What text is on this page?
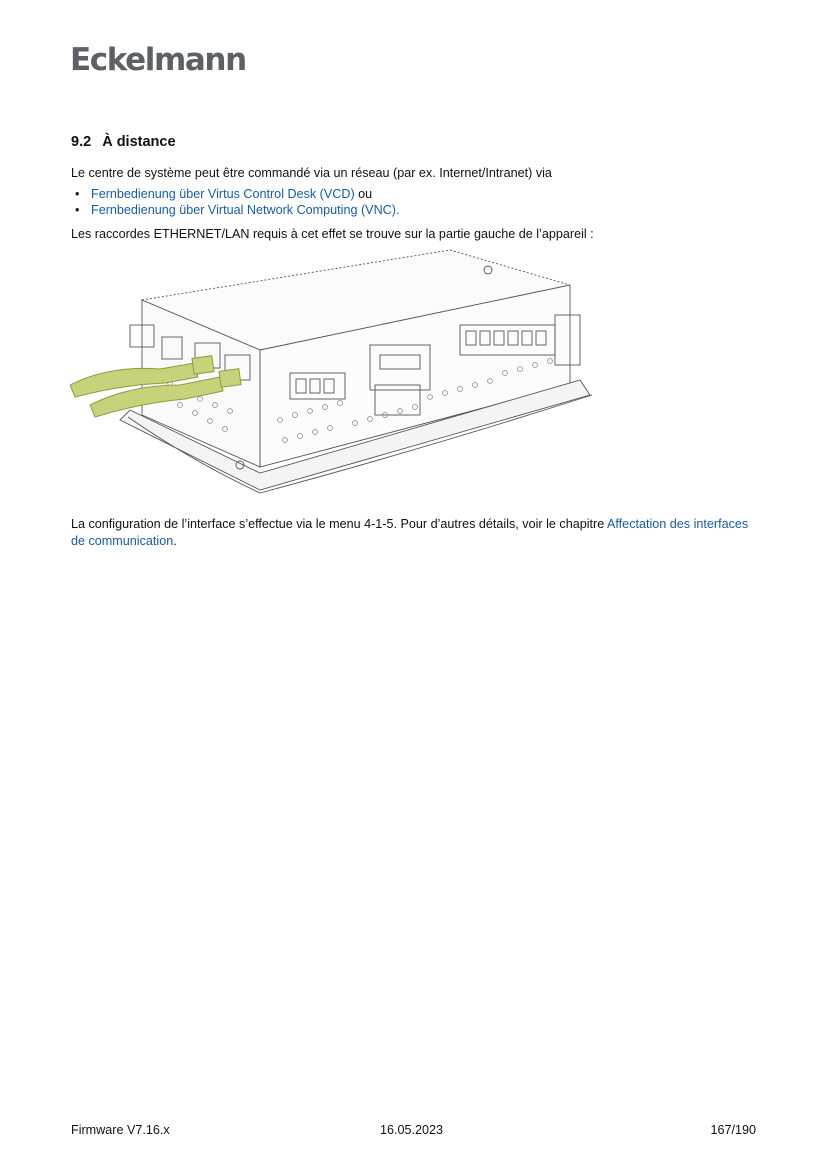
Eckelmann
9.2 À distance
Le centre de système peut être commandé via un réseau (par ex. Internet/Intranet) via
• Fernbedienung über Virtus Control Desk (VCD) ou
• Fernbedienung über Virtual Network Computing (VNC).
Les raccordes ETHERNET/LAN requis à cet effet se trouve sur la partie gauche de l’appareil :
La configuration de l’interface s’effectue via le menu 4-1-5. Pour d’autres détails, voir le chapitre Affectation des interfaces de communication.
Firmware V7.16.x	16.05.2023	167/190
